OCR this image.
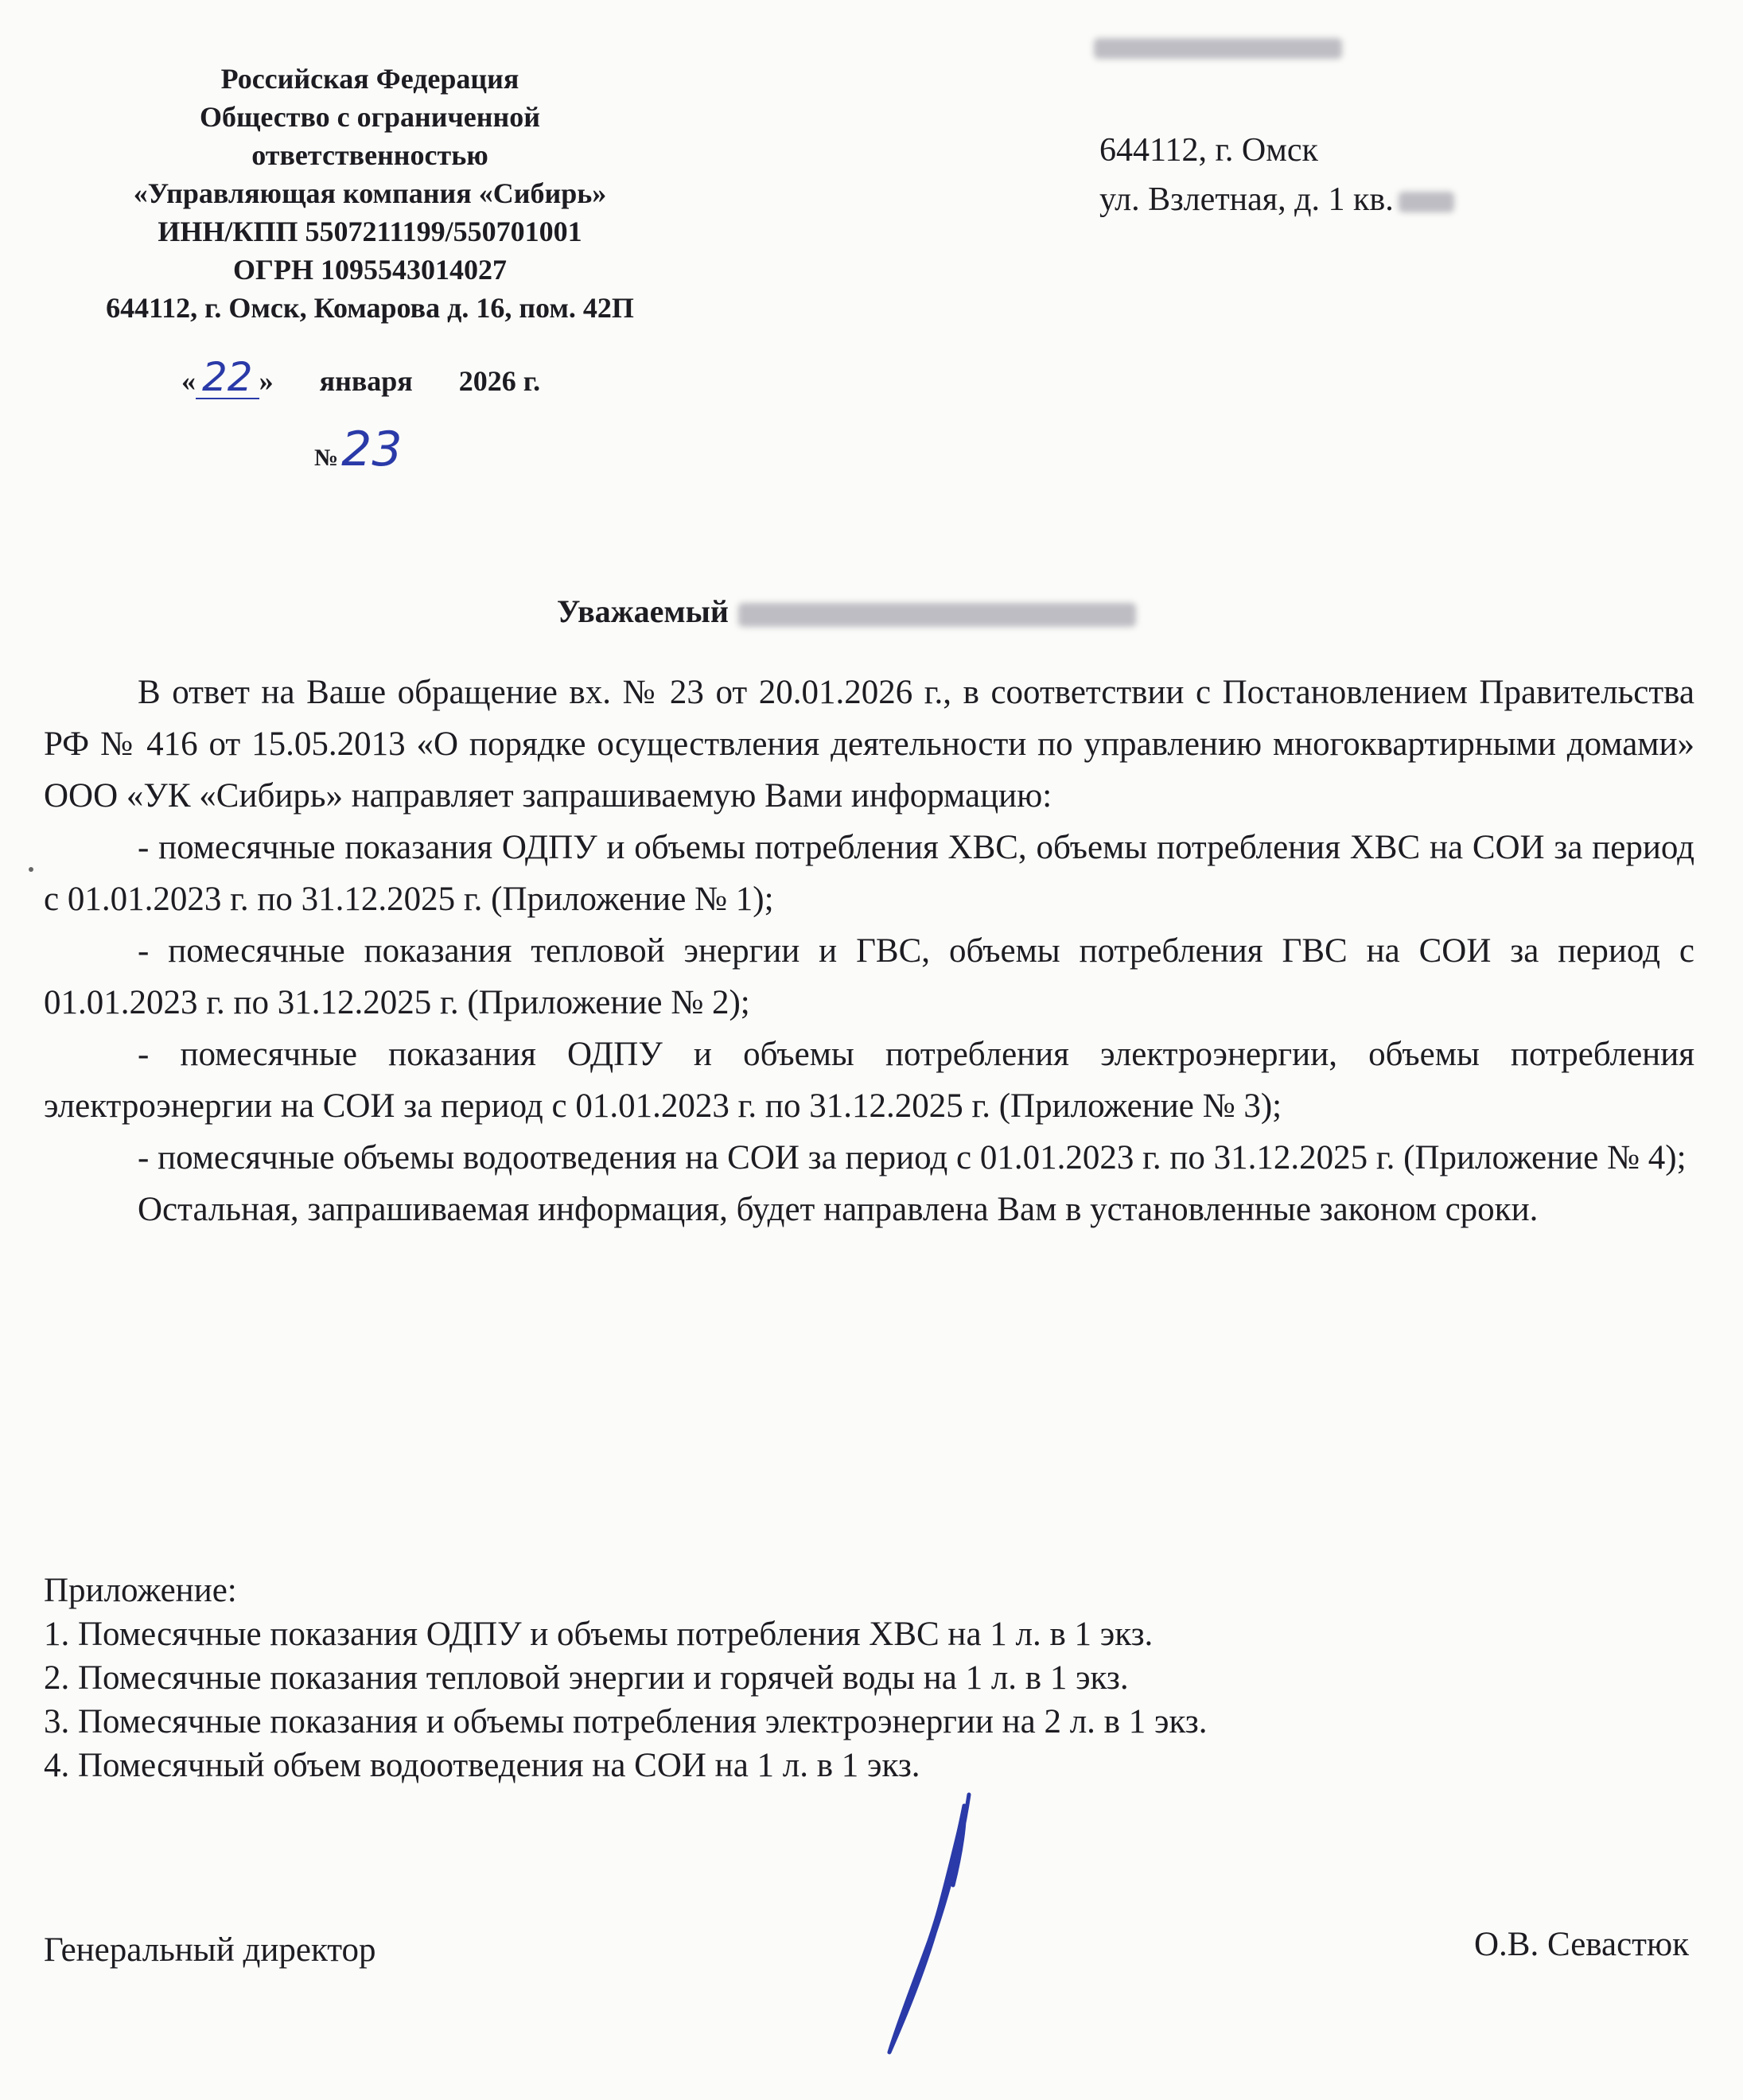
Российская Федерация
Общество с ограниченной
ответственностью
«Управляющая компания «Сибирь»
ИНН/КПП 5507211199/550701001
ОГРН 1095543014027
644112, г. Омск, Комарова д. 16, пом. 42П
« 22 » января 2026 г.
№23
644112, г. Омск
ул. Взлетная, д. 1 кв.
Уважаемый

В ответ на Ваше обращение вх. № 23 от 20.01.2026 г., в соответствии с Постановлением Правительства РФ № 416 от 15.05.2013 «О порядке осуществления деятельности по управлению многоквартирными домами» ООО «УК «Сибирь» направляет запрашиваемую Вами информацию:

- помесячные показания ОДПУ и объемы потребления ХВС, объемы потребления ХВС на СОИ за период с 01.01.2023 г. по 31.12.2025 г. (Приложение № 1);

- помесячные показания тепловой энергии и ГВС, объемы потребления ГВС на СОИ за период с 01.01.2023 г. по 31.12.2025 г. (Приложение № 2);

- помесячные показания ОДПУ и объемы потребления электроэнергии, объемы потребления электроэнергии на СОИ за период с 01.01.2023 г. по 31.12.2025 г. (Приложение № 3);

- помесячные объемы водоотведения на СОИ за период с 01.01.2023 г. по 31.12.2025 г. (Приложение № 4);

Остальная, запрашиваемая информация, будет направлена Вам в установленные законом сроки.

Приложение:
1. Помесячные показания ОДПУ и объемы потребления ХВС на 1 л. в 1 экз.
2. Помесячные показания тепловой энергии и горячей воды на 1 л. в 1 экз.
3. Помесячные показания и объемы потребления электроэнергии на 2 л. в 1 экз.
4. Помесячный объем водоотведения на СОИ на 1 л. в 1 экз.
Генеральный директор	О.В. Севастюк
